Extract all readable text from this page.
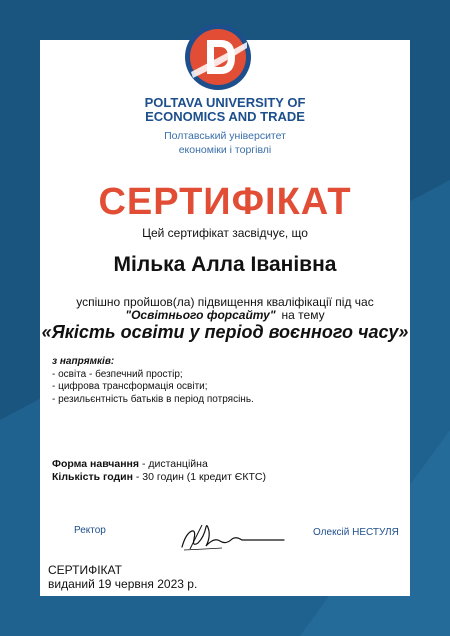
POLTAVA UNIVERSITY OF
ECONOMICS AND TRADE
Полтавський університет
економіки і торгівлі
СЕРТИФІКАТ
Цей сертифікат засвідчує, що
Мілька Алла Іванівна
успішно пройшов(ла) підвищення кваліфікації під час
"Освітнього форсайту" на тему
«Якість освіти у період воєнного часу»
з напрямків:
- освіта - безпечний простір;
- цифрова трансформація освіти;
- резильєнтність батьків в період потрясінь.
Форма навчання - дистанційна
Кількість годин - 30 годин (1 кредит ЄКТС)
Ректор	Олексій НЕСТУЛЯ
СЕРТИФІКАТ
виданий 19 червня 2023 р.
